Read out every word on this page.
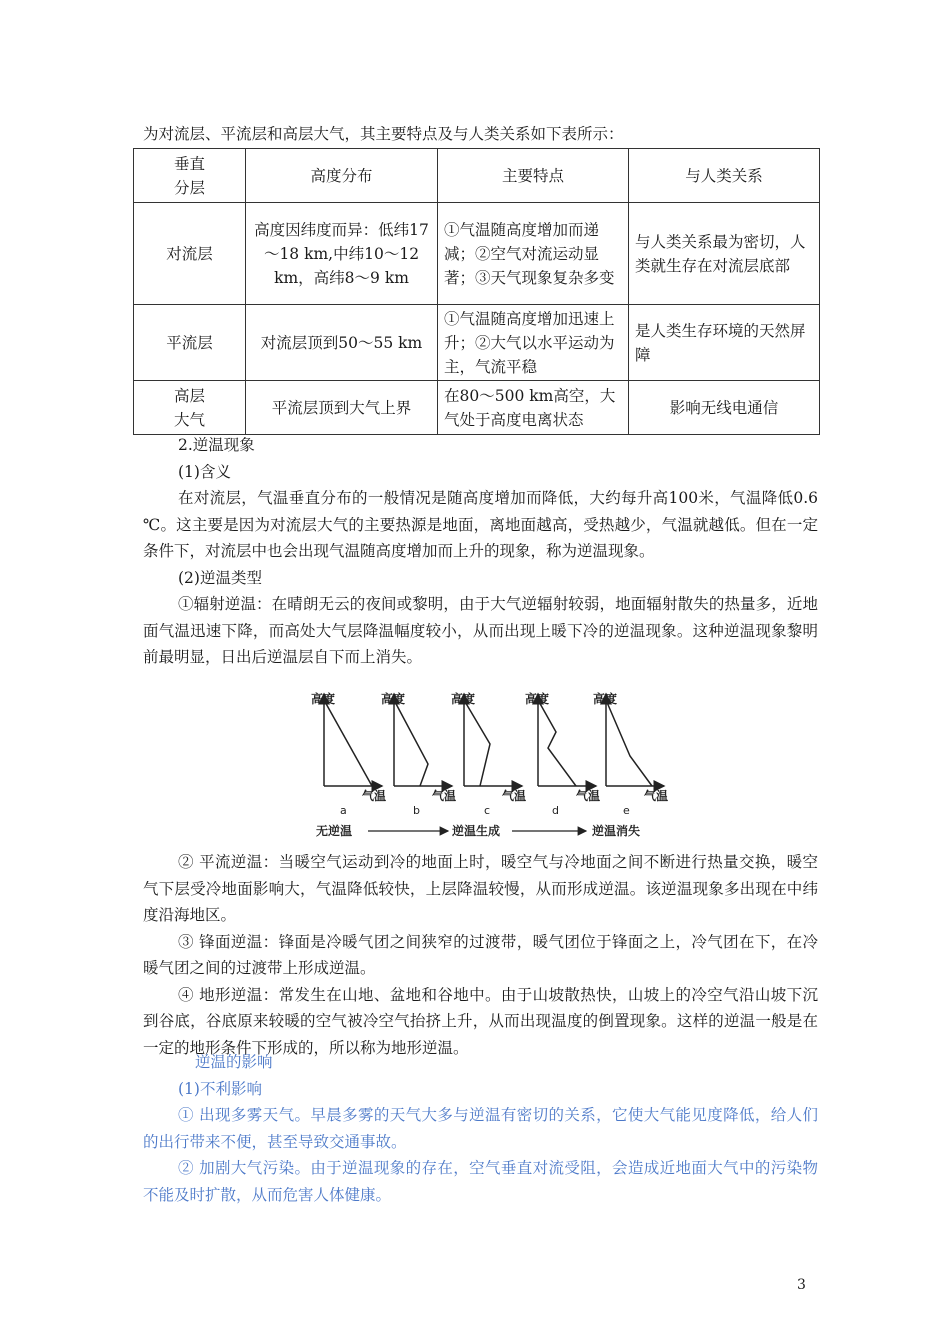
为对流层、平流层和高层大气，其主要特点及与人类关系如下表所示：
垂直
分层	高度分布	主要特点	与人类关系
对流层	高度因纬度而异：低纬17～18 km,中纬10～12 km，高纬8～9 km	①气温随高度增加而递减；②空气对流运动显著；③天气现象复杂多变	与人类关系最为密切，人类就生存在对流层底部
平流层	对流层顶到50～55 km	①气温随高度增加迅速上升；②大气以水平运动为主，气流平稳	是人类生存环境的天然屏障
高层
大气	平流层顶到大气上界	在80～500 km高空，大气处于高度电离状态	影响无线电通信

2.逆温现象

(1)含义

在对流层，气温垂直分布的一般情况是随高度增加而降低，大约每升高100米，气温降低0.6 ℃。这主要是因为对流层大气的主要热源是地面，离地面越高，受热越少，气温就越低。但在一定条件下，对流层中也会出现气温随高度增加而上升的现象，称为逆温现象。

(2)逆温类型

①辐射逆温：在晴朗无云的夜间或黎明，由于大气逆辐射较弱，地面辐射散失的热量多，近地面气温迅速下降，而高处大气层降温幅度较小，从而出现上暖下冷的逆温现象。这种逆温现象黎明前最明显，日出后逆温层自下而上消失。

高度
气温
a
高度
气温
b
高度
气温
c
高度
气温
d
高度
气温
e
无逆温	逆温生成	逆温消失

② 平流逆温：当暖空气运动到冷的地面上时，暖空气与冷地面之间不断进行热量交换，暖空气下层受冷地面影响大，气温降低较快，上层降温较慢，从而形成逆温。该逆温现象多出现在中纬度沿海地区。

③ 锋面逆温：锋面是冷暖气团之间狭窄的过渡带，暖气团位于锋面之上，冷气团在下，在冷暖气团之间的过渡带上形成逆温。

④ 地形逆温：常发生在山地、盆地和谷地中。由于山坡散热快，山坡上的冷空气沿山坡下沉到谷底，谷底原来较暖的空气被冷空气抬挤上升，从而出现温度的倒置现象。这样的逆温一般是在一定的地形条件下形成的，所以称为地形逆温。

逆温的影响

(1)不利影响

① 出现多雾天气。早晨多雾的天气大多与逆温有密切的关系，它使大气能见度降低，给人们的出行带来不便，甚至导致交通事故。

② 加剧大气污染。由于逆温现象的存在，空气垂直对流受阻，会造成近地面大气中的污染物不能及时扩散，从而危害人体健康。

3
